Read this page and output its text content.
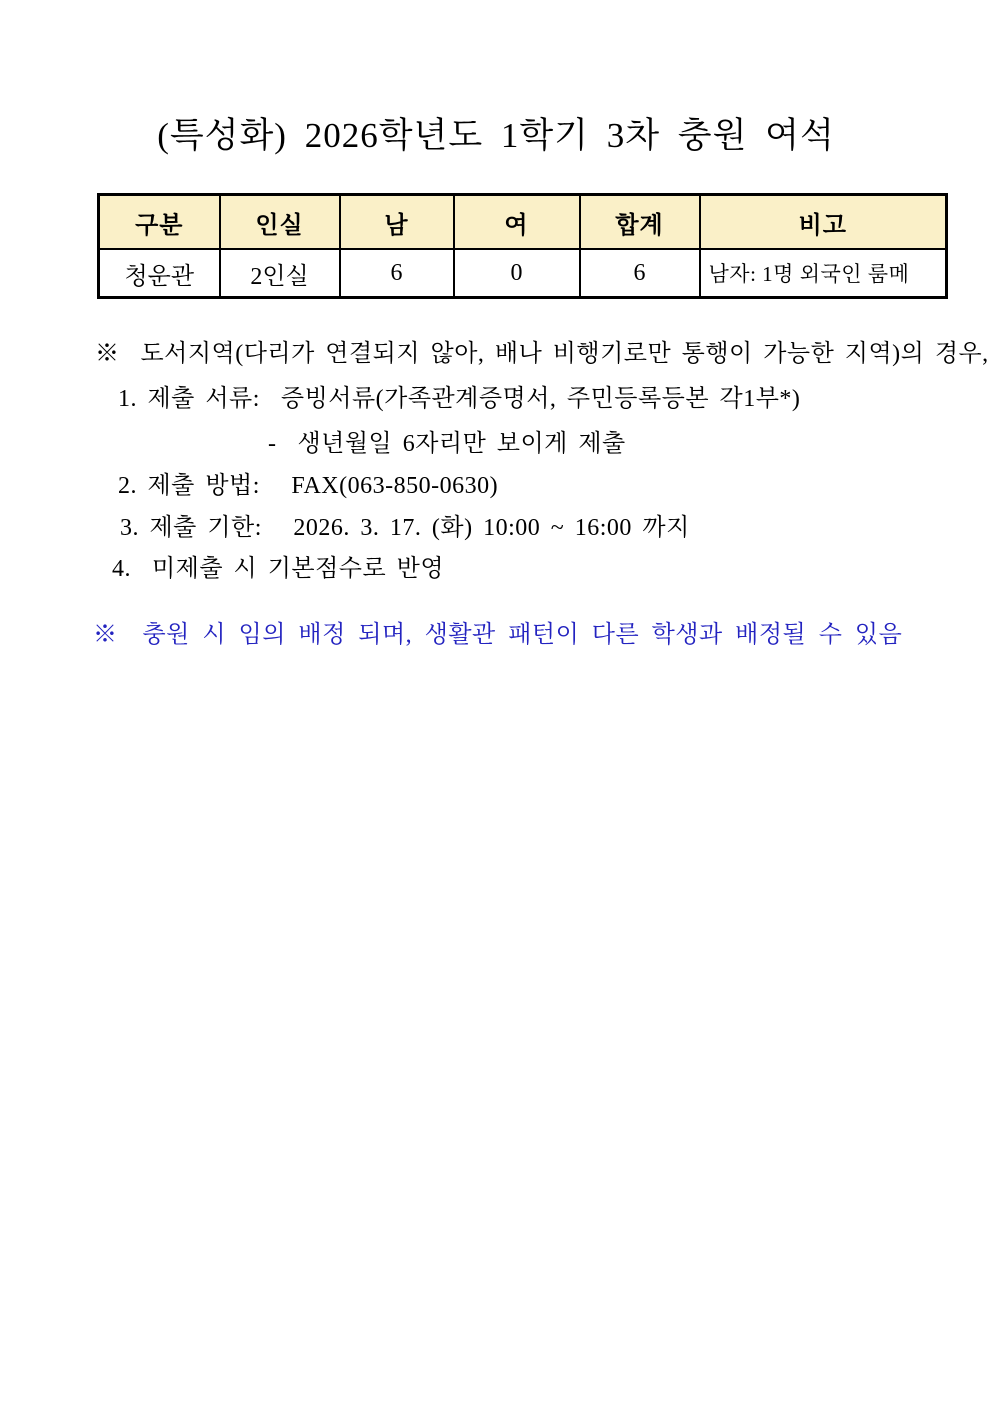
(특성화) 2026학년도 1학기 3차 충원 여석
구분	인실	남	여	합계	비고
청운관	2인실	6	0	6	남자: 1명 외국인 룸메
※  도서지역(다리가 연결되지 않아, 배나 비행기로만 통행이 가능한 지역)의 경우,
1. 제출 서류:  증빙서류(가족관계증명서, 주민등록등본 각1부*)
-  생년월일 6자리만 보이게 제출
2. 제출 방법:   FAX(063-850-0630)
3. 제출 기한:   2026. 3. 17. (화) 10:00 ~ 16:00 까지
4.  미제출 시 기본점수로 반영
※  충원 시 임의 배정 되며, 생활관 패턴이 다른 학생과 배정될 수 있음
